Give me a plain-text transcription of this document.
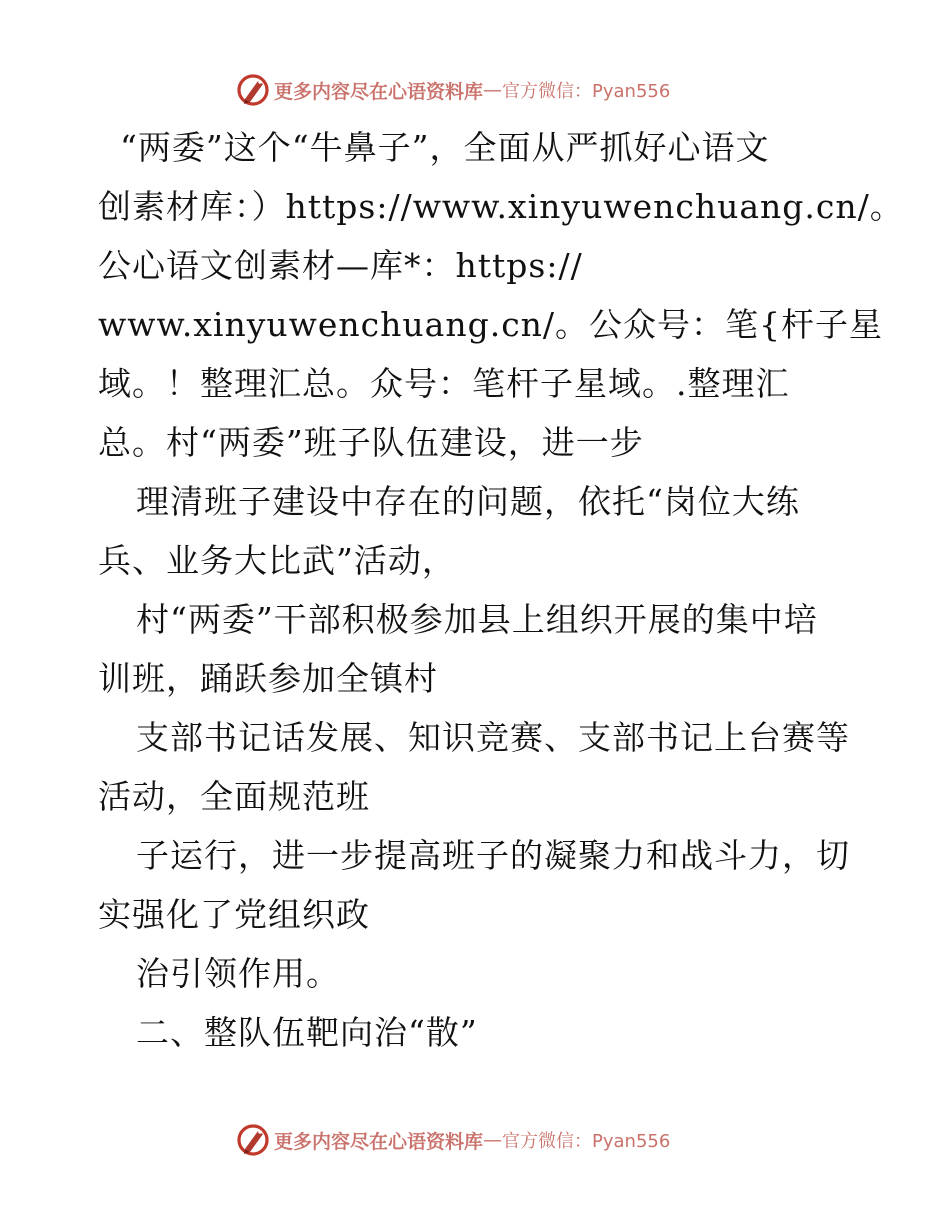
更多内容尽在心语资料库 — 官方微信：Pyan556
“两委”这个“牛鼻子”，全面从严抓好心语文
创素材库：）https://www.xinyuwenchuang.cn/。
公心语文创素材—库*：https://
www.xinyuwenchuang.cn/。公众号：笔{杆子星
域。！整理汇总。众号：笔杆子星域。.整理汇
总。村“两委”班子队伍建设，进一步
理清班子建设中存在的问题，依托“岗位大练
兵、业务大比武”活动，
村“两委”干部积极参加县上组织开展的集中培
训班，踊跃参加全镇村
支部书记话发展、知识竞赛、支部书记上台赛等
活动，全面规范班
子运行，进一步提高班子的凝聚力和战斗力，切
实强化了党组织政
治引领作用。
二、整队伍靶向治“散”
更多内容尽在心语资料库 — 官方微信：Pyan556
